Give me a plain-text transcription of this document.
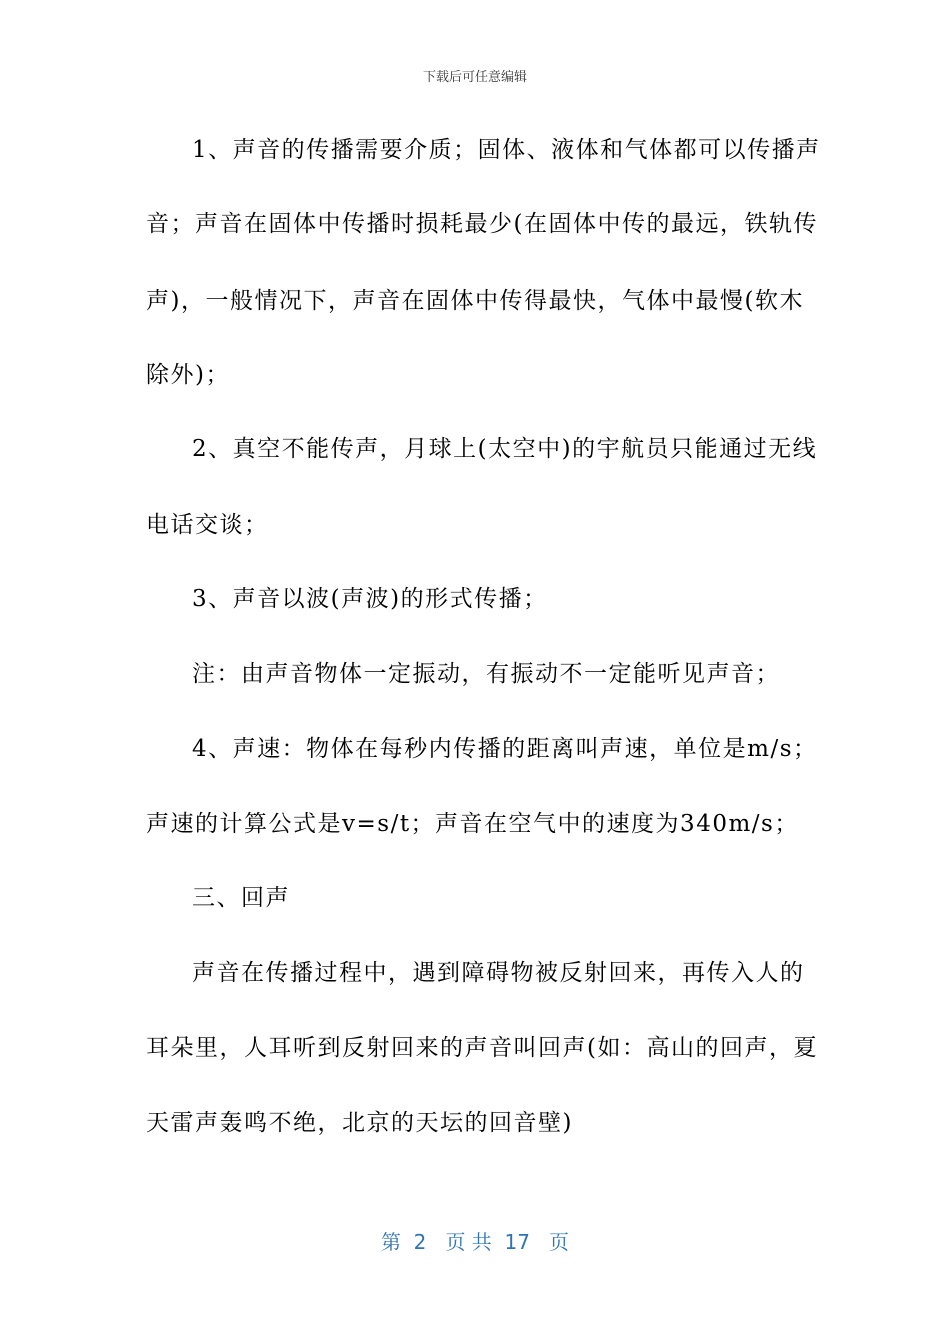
下载后可任意编辑
1、声音的传播需要介质；固体、液体和气体都可以传播声
音；声音在固体中传播时损耗最少(在固体中传的最远，铁轨传
声)，一般情况下，声音在固体中传得最快，气体中最慢(软木
除外)；
2、真空不能传声，月球上(太空中)的宇航员只能通过无线
电话交谈；
3、声音以波(声波)的形式传播；
注：由声音物体一定振动，有振动不一定能听见声音；
4、声速：物体在每秒内传播的距离叫声速，单位是m/s；
声速的计算公式是v=s/t；声音在空气中的速度为340m/s；
三、回声
声音在传播过程中，遇到障碍物被反射回来，再传入人的
耳朵里，人耳听到反射回来的声音叫回声(如：高山的回声，夏
天雷声轰鸣不绝，北京的天坛的回音壁)
第  2   页 共  17   页
